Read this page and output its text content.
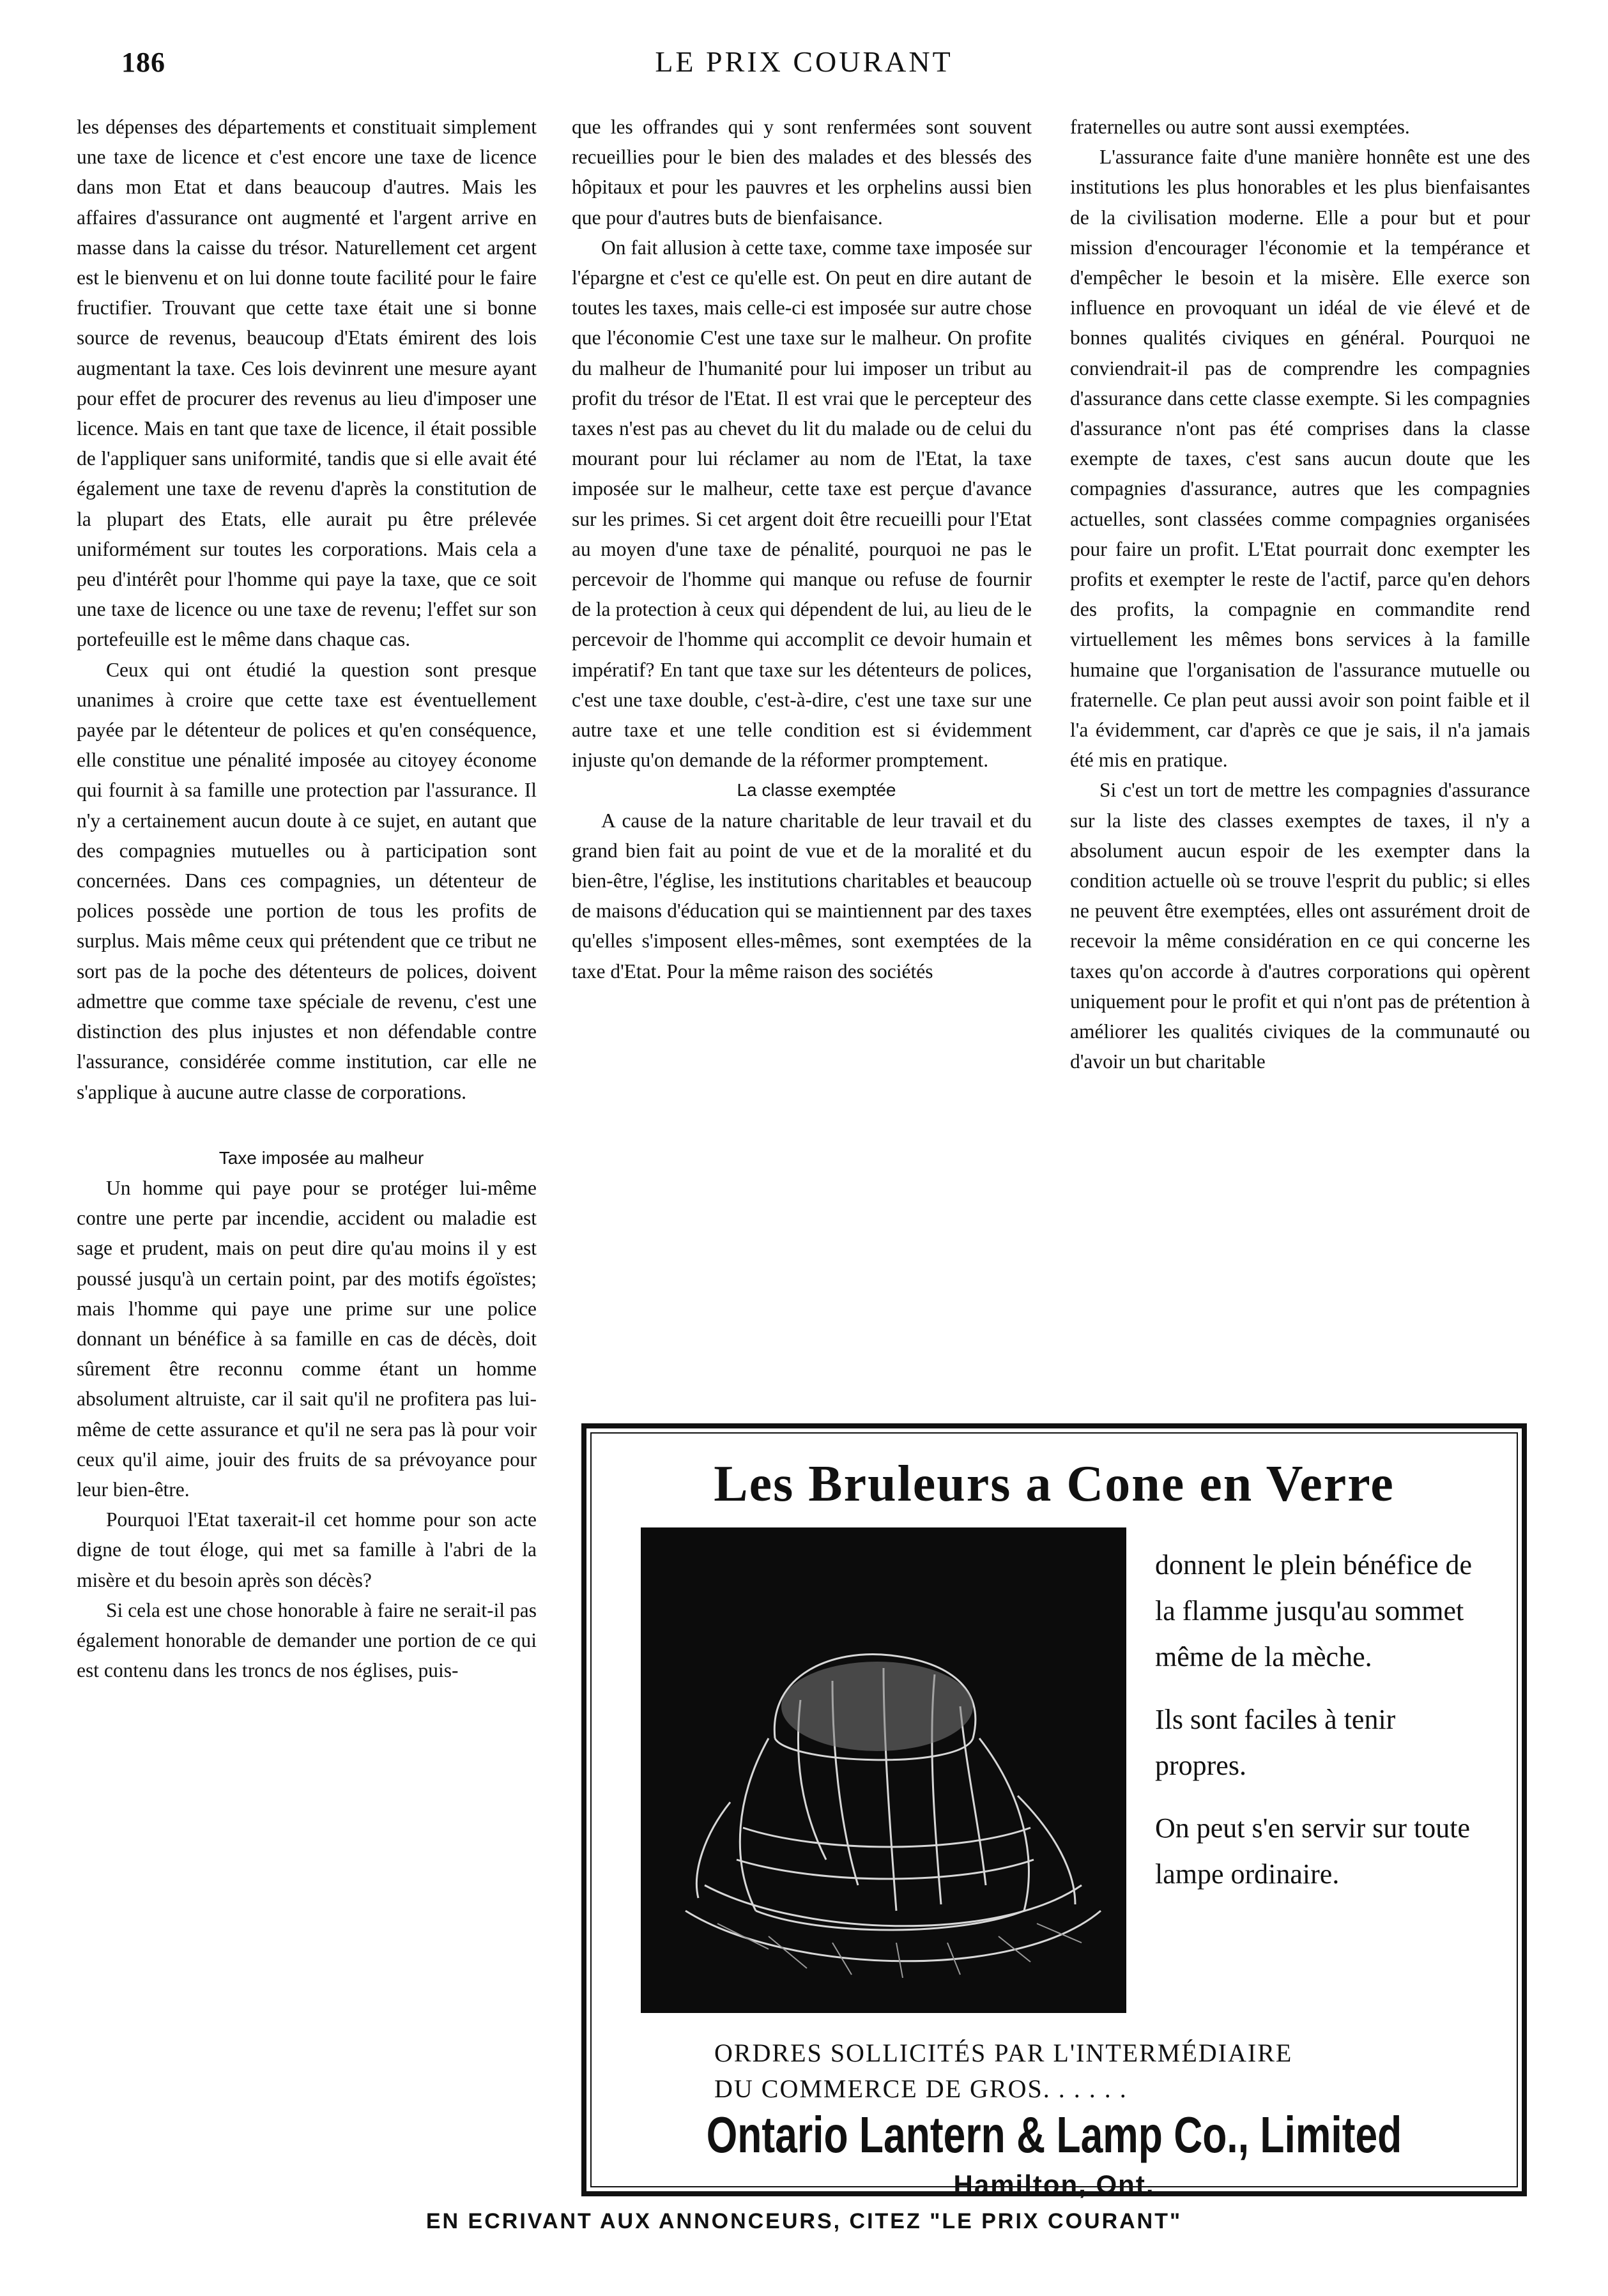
186	LE PRIX COURANT

les dépenses des départements et constituait simplement une taxe de licence et c'est encore une taxe de licence dans mon Etat et dans beaucoup d'autres. Mais les affaires d'assurance ont augmenté et l'argent arrive en masse dans la caisse du trésor. Naturellement cet argent est le bienvenu et on lui donne toute facilité pour le faire fructifier. Trouvant que cette taxe était une si bonne source de revenus, beaucoup d'Etats émirent des lois augmentant la taxe. Ces lois devinrent une mesure ayant pour effet de procurer des revenus au lieu d'imposer une licence. Mais en tant que taxe de licence, il était possible de l'appliquer sans uniformité, tandis que si elle avait été également une taxe de revenu d'après la constitution de la plupart des Etats, elle aurait pu être prélevée uniformément sur toutes les corporations. Mais cela a peu d'intérêt pour l'homme qui paye la taxe, que ce soit une taxe de licence ou une taxe de revenu; l'effet sur son portefeuille est le même dans chaque cas.

Ceux qui ont étudié la question sont presque unanimes à croire que cette taxe est éventuellement payée par le détenteur de polices et qu'en conséquence, elle constitue une pénalité imposée au citoyey économe qui fournit à sa famille une protection par l'assurance. Il n'y a certainement aucun doute à ce sujet, en autant que des compagnies mutuelles ou à participation sont concernées. Dans ces compagnies, un détenteur de polices possède une portion de tous les profits de surplus. Mais même ceux qui prétendent que ce tribut ne sort pas de la poche des détenteurs de polices, doivent admettre que comme taxe spéciale de revenu, c'est une distinction des plus injustes et non défendable contre l'assurance, considérée comme institution, car elle ne s'applique à aucune autre classe de corporations.

Taxe imposée au malheur

Un homme qui paye pour se protéger lui-même contre une perte par incendie, accident ou maladie est sage et prudent, mais on peut dire qu'au moins il y est poussé jusqu'à un certain point, par des motifs égoïstes; mais l'homme qui paye une prime sur une police donnant un bénéfice à sa famille en cas de décès, doit sûrement être reconnu comme étant un homme absolument altruiste, car il sait qu'il ne profitera pas lui-même de cette assurance et qu'il ne sera pas là pour voir ceux qu'il aime, jouir des fruits de sa prévoyance pour leur bien-être.

Pourquoi l'Etat taxerait-il cet homme pour son acte digne de tout éloge, qui met sa famille à l'abri de la misère et du besoin après son décès?

Si cela est une chose honorable à faire ne serait-il pas également honorable de demander une portion de ce qui est contenu dans les troncs de nos églises, puis-

que les offrandes qui y sont renfermées sont souvent recueillies pour le bien des malades et des blessés des hôpitaux et pour les pauvres et les orphelins aussi bien que pour d'autres buts de bienfaisance.

On fait allusion à cette taxe, comme taxe imposée sur l'épargne et c'est ce qu'elle est. On peut en dire autant de toutes les taxes, mais celle-ci est imposée sur autre chose que l'économie C'est une taxe sur le malheur. On profite du malheur de l'humanité pour lui imposer un tribut au profit du trésor de l'Etat. Il est vrai que le percepteur des taxes n'est pas au chevet du lit du malade ou de celui du mourant pour lui réclamer au nom de l'Etat, la taxe imposée sur le malheur, cette taxe est perçue d'avance sur les primes. Si cet argent doit être recueilli pour l'Etat au moyen d'une taxe de pénalité, pourquoi ne pas le percevoir de l'homme qui manque ou refuse de fournir de la protection à ceux qui dépendent de lui, au lieu de le percevoir de l'homme qui accomplit ce devoir humain et impératif? En tant que taxe sur les détenteurs de polices, c'est une taxe double, c'est-à-dire, c'est une taxe sur une autre taxe et une telle condition est si évidemment injuste qu'on demande de la réformer promptement.

La classe exemptée

A cause de la nature charitable de leur travail et du grand bien fait au point de vue et de la moralité et du bien-être, l'église, les institutions charitables et beaucoup de maisons d'éducation qui se maintiennent par des taxes qu'elles s'imposent elles-mêmes, sont exemptées de la taxe d'Etat. Pour la même raison des sociétés

fraternelles ou autre sont aussi exemptées.

L'assurance faite d'une manière honnête est une des institutions les plus honorables et les plus bienfaisantes de la civilisation moderne. Elle a pour but et pour mission d'encourager l'économie et la tempérance et d'empêcher le besoin et la misère. Elle exerce son influence en provoquant un idéal de vie élevé et de bonnes qualités civiques en général. Pourquoi ne conviendrait-il pas de comprendre les compagnies d'assurance dans cette classe exempte. Si les compagnies d'assurance n'ont pas été comprises dans la classe exempte de taxes, c'est sans aucun doute que les compagnies d'assurance, autres que les compagnies actuelles, sont classées comme compagnies organisées pour faire un profit. L'Etat pourrait donc exempter les profits et exempter le reste de l'actif, parce qu'en dehors des profits, la compagnie en commandite rend virtuellement les mêmes bons services à la famille humaine que l'organisation de l'assurance mutuelle ou fraternelle. Ce plan peut aussi avoir son point faible et il l'a évidemment, car d'après ce que je sais, il n'a jamais été mis en pratique.

Si c'est un tort de mettre les compagnies d'assurance sur la liste des classes exemptes de taxes, il n'y a absolument aucun espoir de les exempter dans la condition actuelle où se trouve l'esprit du public; si elles ne peuvent être exemptées, elles ont assurément droit de recevoir la même considération en ce qui concerne les taxes qu'on accorde à d'autres corporations qui opèrent uniquement pour le profit et qui n'ont pas de prétention à améliorer les qualités civiques de la communauté ou d'avoir un but charitable

Les Bruleurs a Cone en Verre

donnent le plein bénéfice de la flamme jusqu'au sommet même de la mèche.

Ils sont faciles à tenir propres.

On peut s'en servir sur toute lampe ordinaire.

ORDRES SOLLICITÉS PAR L'INTERMÉDIAIRE
DU COMMERCE DE GROS. . . . . .
Ontario Lantern & Lamp Co., Limited
Hamilton, Ont.
EN ECRIVANT AUX ANNONCEURS, CITEZ "LE PRIX COURANT"
